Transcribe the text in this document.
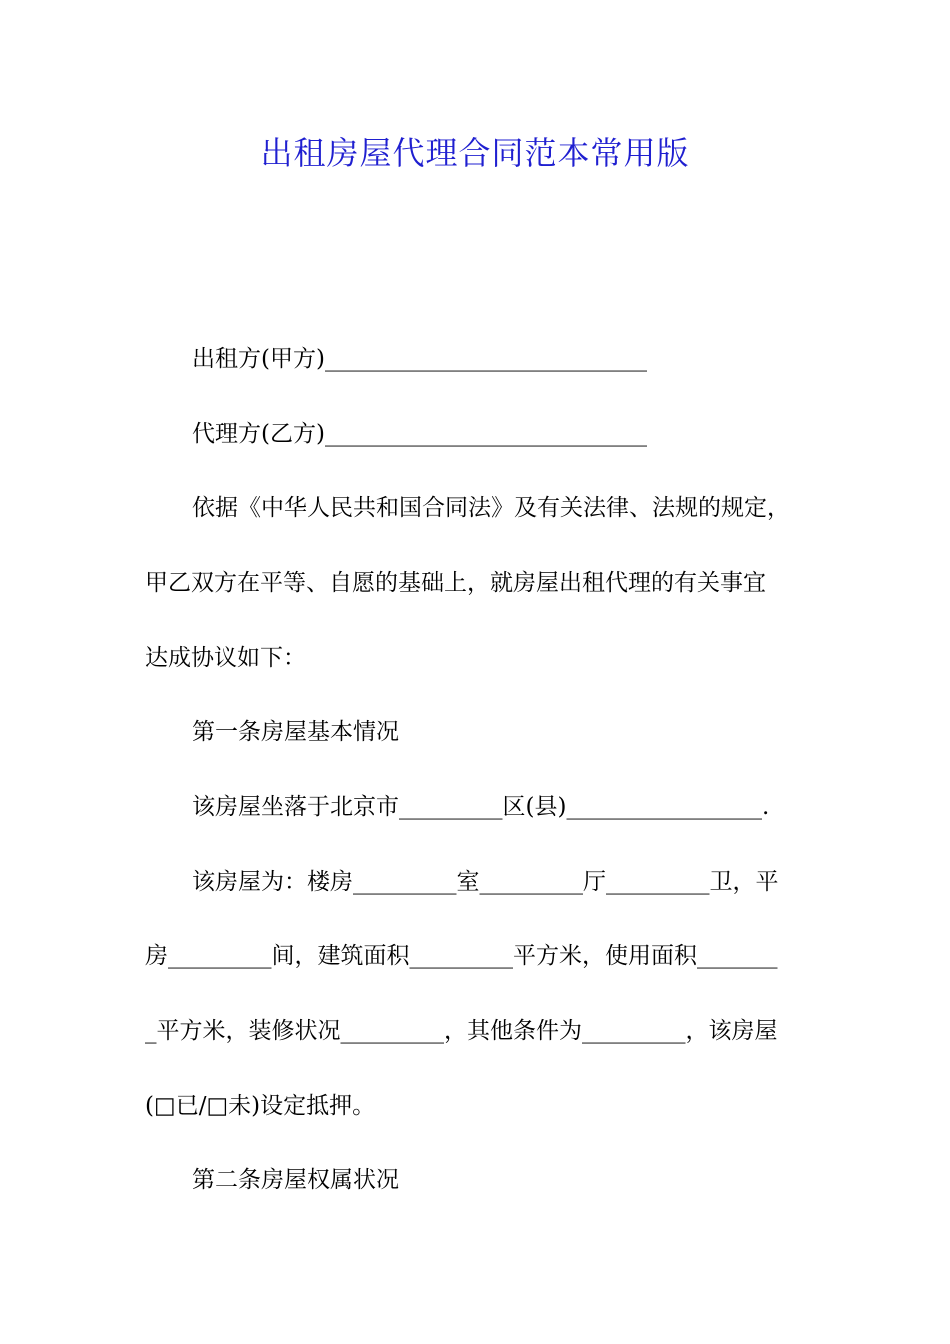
出租房屋代理合同范本常用版
出租方(甲方)____________________________
代理方(乙方)____________________________
依据《中华人民共和国合同法》及有关法律、法规的规定，
甲乙双方在平等、自愿的基础上，就房屋出租代理的有关事宜
达成协议如下：
第一条房屋基本情况
该房屋坐落于北京市_________区(县)_________________.
该房屋为：楼房_________室_________厅_________卫，平
房_________间，建筑面积_________平方米，使用面积_______
_平方米，装修状况_________，其他条件为_________，该房屋
(□已/□未)设定抵押。
第二条房屋权属状况
